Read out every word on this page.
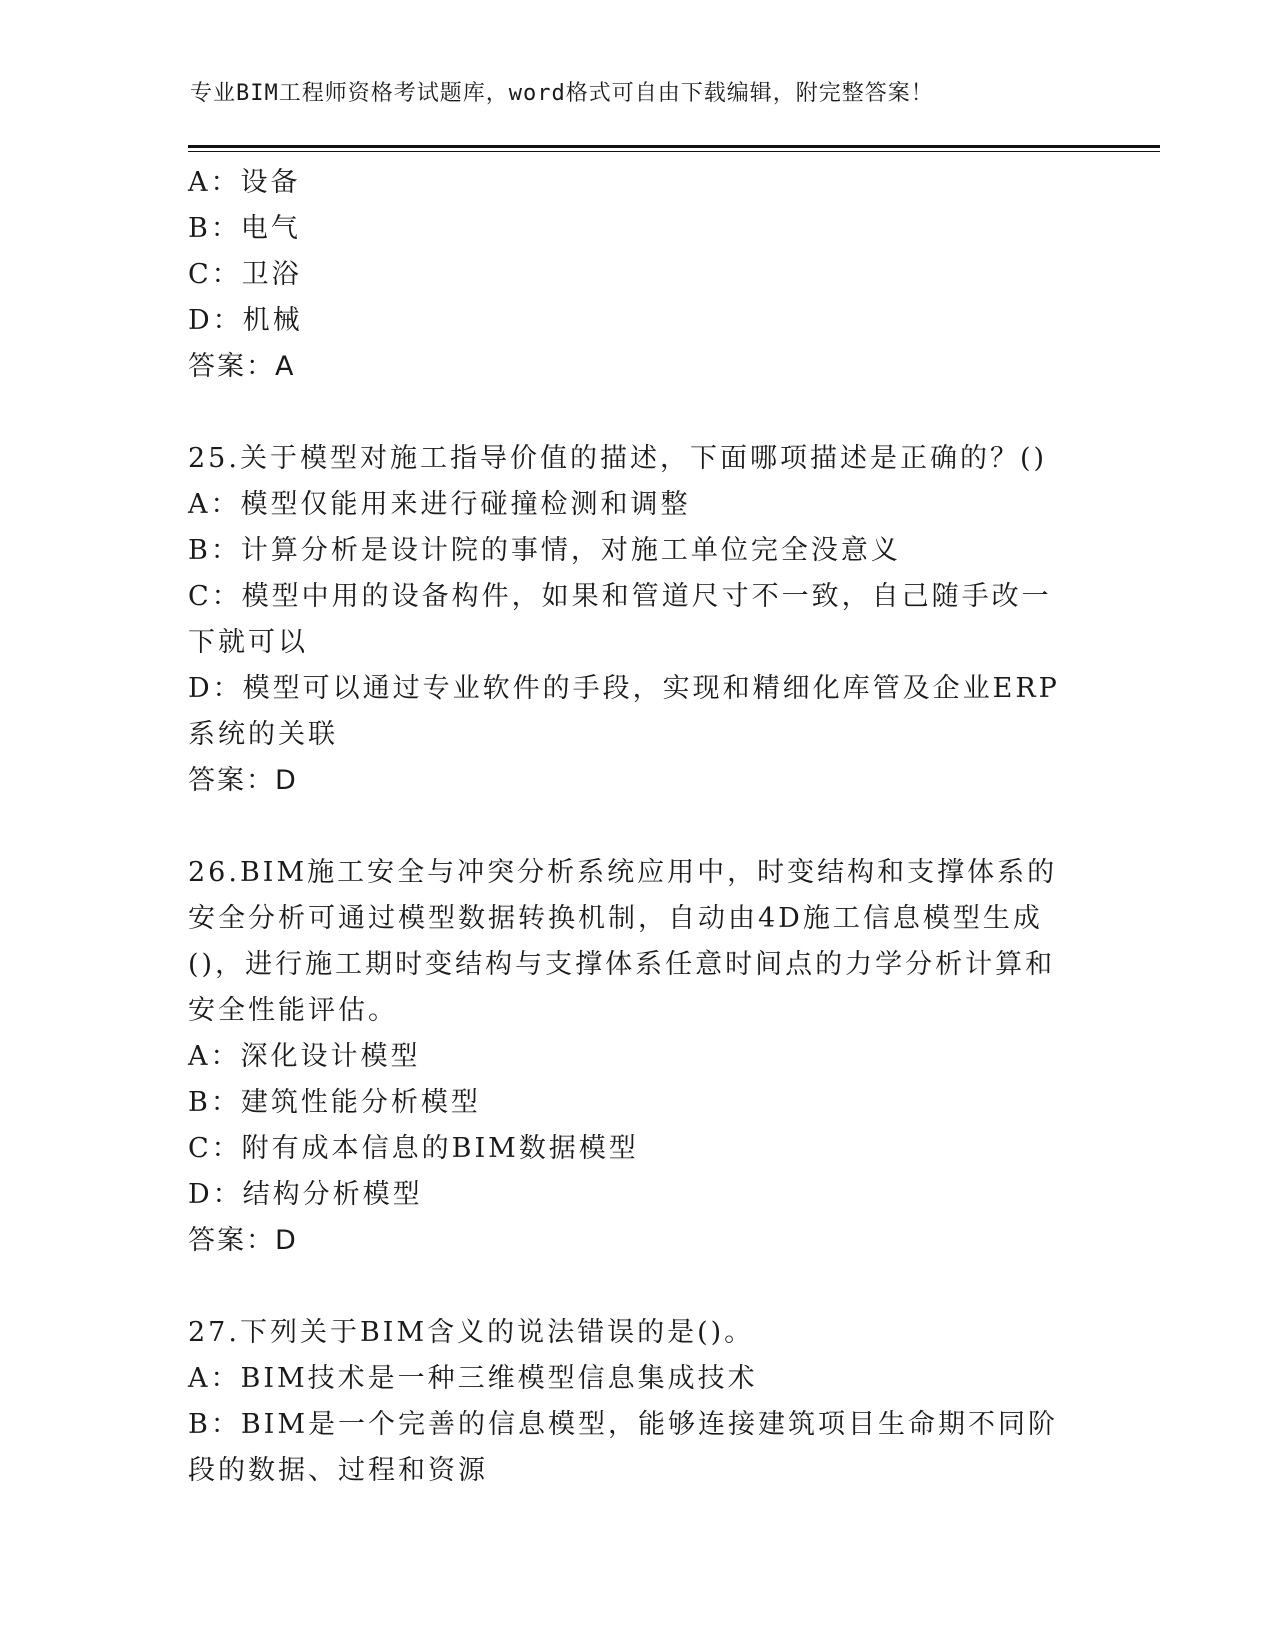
专业BIM工程师资格考试题库，word格式可自由下载编辑，附完整答案！
A：设备
B：电气
C：卫浴
D：机械
答案：A
25.关于模型对施工指导价值的描述，下面哪项描述是正确的？()
A：模型仅能用来进行碰撞检测和调整
B：计算分析是设计院的事情，对施工单位完全没意义
C：模型中用的设备构件，如果和管道尺寸不一致，自己随手改一下就可以
D：模型可以通过专业软件的手段，实现和精细化库管及企业ERP系统的关联
答案：D
26.BIM施工安全与冲突分析系统应用中，时变结构和支撑体系的安全分析可通过模型数据转换机制，自动由4D施工信息模型生成()，进行施工期时变结构与支撑体系任意时间点的力学分析计算和安全性能评估。
A：深化设计模型
B：建筑性能分析模型
C：附有成本信息的BIM数据模型
D：结构分析模型
答案：D
27.下列关于BIM含义的说法错误的是()。
A：BIM技术是一种三维模型信息集成技术
B：BIM是一个完善的信息模型，能够连接建筑项目生命期不同阶段的数据、过程和资源
